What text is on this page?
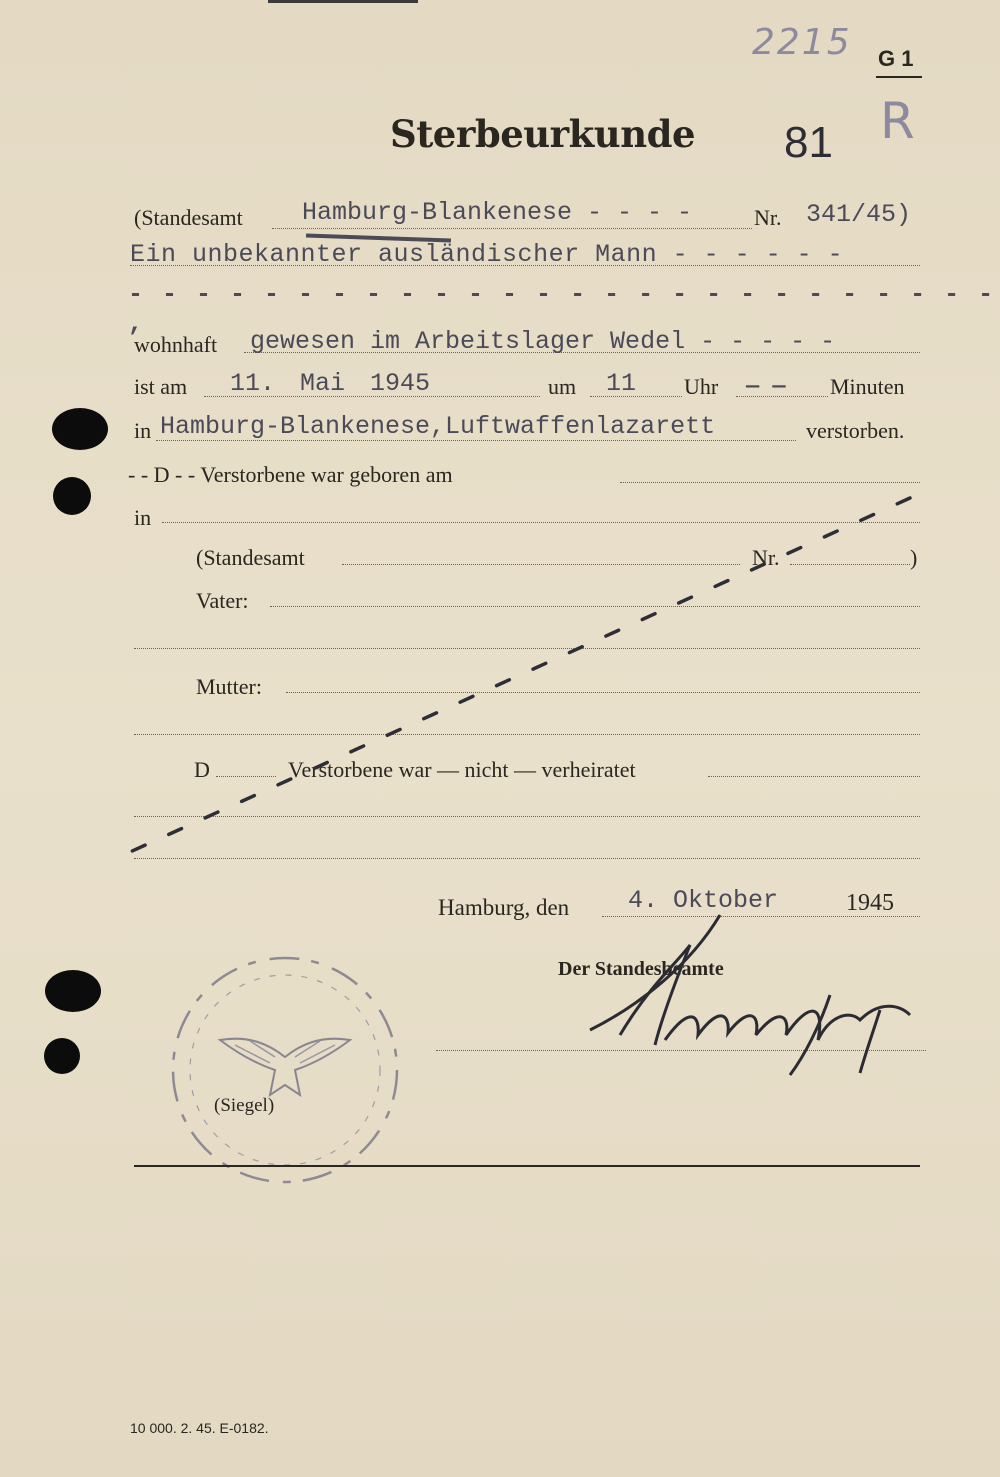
2215 G 1
Sterbeurkunde 81 R
(Standesamt Hamburg-Blankenese - - - -	Nr. 341/45)
Ein unbekannter ausländischer Mann - - - - - -
- - - - - - - - - - - - - - - - - - - - - - - - - - ,
wohnhaft gewesen im Arbeitslager Wedel - - - - -
ist am 11. Mai 1945	um 11 Uhr — — Minuten
in Hamburg-Blankenese,Luftwaffenlazarett	verstorben.
- - D - - Verstorbene war geboren am
in
(Standesamt	Nr.	)
Vater:
Mutter:
D	Verstorbene war — nicht — verheiratet
Hamburg, den 4. Oktober	1945
Der Standesbeamte
(Siegel)
10 000. 2. 45. E-0182.
